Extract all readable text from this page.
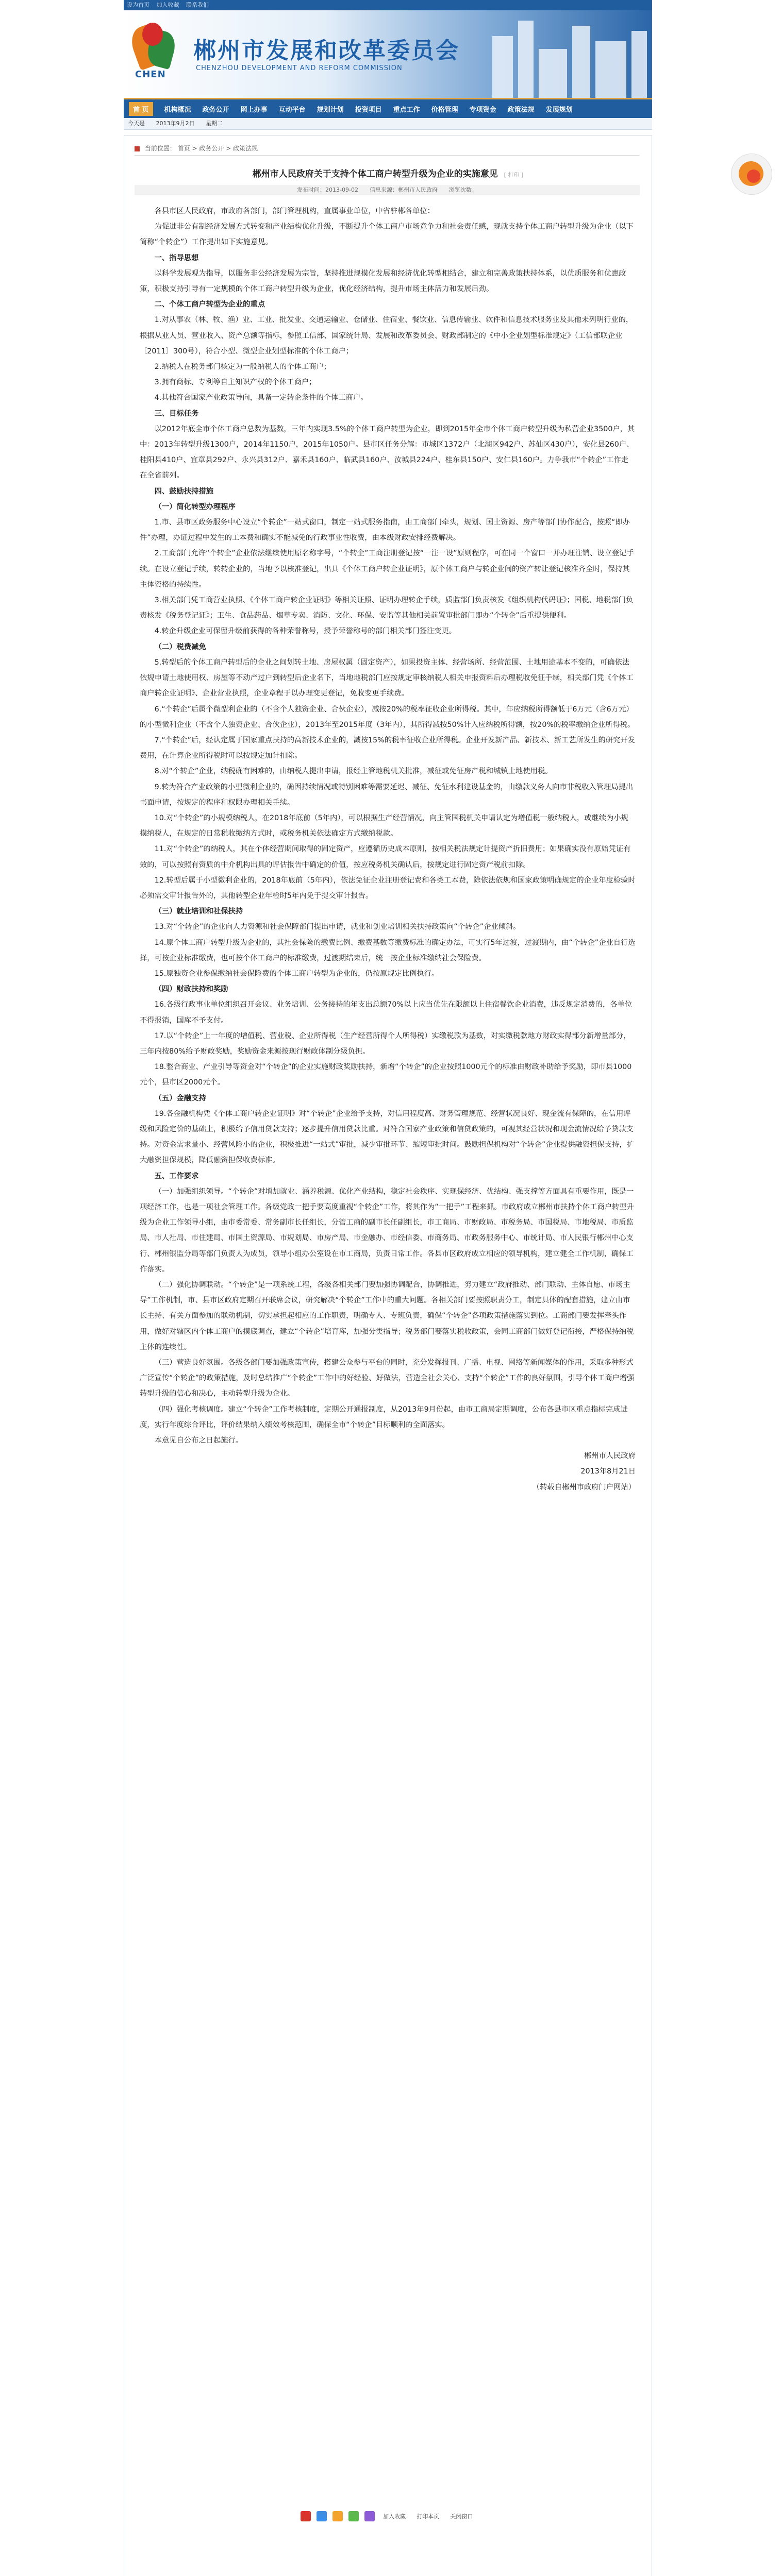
设为首页 加入收藏 联系我们
CHEN
郴州市发展和改革委员会
CHENZHOU DEVELOPMENT AND REFORM COMMISSION
首 页	机构概况 政务公开 网上办事 互动平台 规划计划 投资项目 重点工作 价格管理 专项资金 政策法规 发展规划
今天是 2013年9月2日 星期二
当前位置： 首页 > 政务公开 > 政策法规
郴州市人民政府关于支持个体工商户转型升级为企业的实施意见 [ 打印 ]
发布时间：2013-09-02　　信息来源：郴州市人民政府　　浏览次数：

各县市区人民政府，市政府各部门，部门管理机构，直属事业单位，中省驻郴各单位：

为促进非公有制经济发展方式转变和产业结构优化升级，不断提升个体工商户市场竞争力和社会责任感，现就支持个体工商户转型升级为企业（以下简称“个转企”）工作提出如下实施意见。

一、指导思想

以科学发展观为指导，以服务非公经济发展为宗旨，坚持推进规模化发展和经济优化转型相结合，建立和完善政策扶持体系，以优质服务和优惠政策，积极支持引导有一定规模的个体工商户转型升级为企业，优化经济结构，提升市场主体活力和发展后劲。

二、个体工商户转型为企业的重点

1.对从事农（林、牧、渔）业、工业、批发业、交通运输业、仓储业、住宿业、餐饮业、信息传输业、软件和信息技术服务业及其他未列明行业的，根据从业人员、营业收入、资产总额等指标，参照工信部、国家统计局、发展和改革委员会、财政部制定的《中小企业划型标准规定》（工信部联企业〔2011〕300号），符合小型、微型企业划型标准的个体工商户；

2.纳税人在税务部门核定为一般纳税人的个体工商户；

3.拥有商标、专利等自主知识产权的个体工商户；

4.其他符合国家产业政策导向，具备一定转企条件的个体工商户。

三、目标任务

以2012年底全市个体工商户总数为基数，三年内实现3.5%的个体工商户转型为企业，即到2015年全市个体工商户转型升级为私营企业3500户，其中：2013年转型升级1300户，2014年1150户，2015年1050户。县市区任务分解：市城区1372户（北湖区942户、苏仙区430户），安化县260户、桂阳县410户、宜章县292户、永兴县312户、嘉禾县160户、临武县160户、汝城县224户、桂东县150户、安仁县160户。力争我市“个转企”工作走在全省前列。

四、鼓励扶持措施

（一）简化转型办理程序

1.市、县市区政务服务中心设立“个转企”一站式窗口，制定一站式服务指南，由工商部门牵头，规划、国土资源、房产等部门协作配合，按照“即办件”办理，办证过程中发生的工本费和确实不能减免的行政事业性收费，由本级财政安排经费解决。

2.工商部门允许“个转企”企业依法继续使用原名称字号，“个转企”工商注册登记按“一注一设”原则程序，可在同一个窗口一并办理注销、设立登记手续。在设立登记手续，转转企业的，当地予以核准登记，出具《个体工商户转企业证明》，原个体工商户与转企业间的资产转让登记核准齐全时，保持其主体资格的持续性。

3.相关部门凭工商营业执照、《个体工商户转企业证明》等相关证照、证明办理转企手续，质监部门负责核发《组织机构代码证》；国税、地税部门负责核发《税务登记证》；卫生、食品药品、烟草专卖、消防、文化、环保、安监等其他相关前置审批部门即办“个转企”后重提供便利。

4.转企升级企业可保留升级前获得的各种荣誉称号，授予荣誉称号的部门相关部门签注变更。

（二）税费减免

5.转型后的个体工商户转型后的企业之间划转土地、房屋权属（固定资产），如果投资主体、经营场所、经营范围、土地用途基本不变的，可确依法依规申请土地使用权、房屋等不动产过户到转型后企业名下，当地地税部门应按规定审核纳税人相关申报资料后办理税收免征手续，相关部门凭《个体工商户转企业证明》、企业营业执照，企业章程于以办理变更登记，免收变更手续费。

6.“个转企”后属个微型利企业的（不含个人独资企业、合伙企业），减按20%的税率征收企业所得税。其中，年应纳税所得额低于6万元（含6万元）的小型微利企业（不含个人独资企业、合伙企业），2013年至2015年度（3年内），其所得减按50%计入应纳税所得额，按20%的税率缴纳企业所得税。

7.“个转企”后，经认定属于国家重点扶持的高新技术企业的，减按15%的税率征收企业所得税。企业开发新产品、新技术、新工艺所发生的研究开发费用，在计算企业所得税时可以按规定加计扣除。

8.对“个转企”企业，纳税确有困难的，由纳税人提出申请，报经主管地税机关批准，减征或免征房产税和城镇土地使用税。

9.转为符合产业政策的小型微利企业的，确因持续情况或特别困难等需要延迟、减征、免征水利建设基金的，由缴款义务人向市非税收入管理局提出书面申请，按规定的程序和权限办理相关手续。

10.对“个转企”的小规模纳税人，在2018年底前（5年内），可以根据生产经营情况，向主管国税机关申请认定为增值税一般纳税人，或继续为小规模纳税人，在规定的日常税收缴纳方式时，或税务机关依法确定方式缴纳税款。

11.对“个转企”的纳税人，其在个体经营期间取得的固定资产，应遵循历史成本原则，按相关税法规定计提资产折旧费用；如果确实没有原始凭证有效的，可以按照有资质的中介机构出具的评估报告中确定的价值，按应税务机关确认后，按规定进行固定资产税前扣除。

12.转型后属于小型微利企业的，2018年底前（5年内），依法免征企业注册登记费和各类工本费，除依法依规和国家政策明确规定的企业年度检验时必须需交审计报告外的，其他转型企业年检时5年内免于提交审计报告。

（三）就业培训和社保扶持

13.对“个转企”的企业向人力资源和社会保障部门提出申请，就业和创业培训相关扶持政策向“个转企”企业倾斜。

14.原个体工商户转型升级为企业的，其社会保险的缴费比例、缴费基数等缴费标准的确定办法，可实行5年过渡，过渡期内，由“个转企”企业自行选择，可按企业标准缴费，也可按个体工商户的标准缴费，过渡期结束后，统一按企业标准缴纳社会保险费。

15.原独资企业参保缴纳社会保险费的个体工商户转型为企业的，仍按原规定比例执行。

（四）财政扶持和奖励

16.各级行政事业单位组织召开会议、业务培训、公务接待的年支出总额70%以上应当优先在限额以上住宿餐饮企业消费，违反规定消费的，各单位不得报销，国库不予支付。

17.以“个转企”上一年度的增值税、营业税、企业所得税（生产经营所得个人所得税）实缴税款为基数，对实缴税款地方财政实得部分新增量部分，三年内按80%给予财政奖励，奖励资金来源按现行财政体制分级负担。

18.整合商业、产业引导等资金对“个转企”的企业实施财政奖励扶持，新增“个转企”的企业按照1000元个的标准由财政补助给予奖励，即市县1000元个，县市区2000元个。

（五）金融支持

19.各金融机构凭《个体工商户转企业证明》对“个转企”企业给予支持，对信用程度高、财务管理规范、经营状况良好、现金流有保障的，在信用评级和风险定价的基础上，积极给予信用贷款支持；逐步提升信用贷款比重。对符合国家产业政策和信贷政策的，可视其经营状况和现金流情况给予贷款支持。对资金需求量小、经营风险小的企业，积极推进“一站式”审批，减少审批环节、缩短审批时间。鼓励担保机构对“个转企”企业提供融资担保支持，扩大融资担保规模，降低融资担保收费标准。

五、工作要求

（一）加强组织领导。“个转企”对增加就业、涵养税源、优化产业结构，稳定社会秩序、实现保经济、优结构、强支撑等方面具有重要作用，既是一项经济工作，也是一项社会管理工作。各级党政一把手要高度重视“个转企”工作，将其作为“一把手”工程来抓。市政府成立郴州市扶持个体工商户转型升级为企业工作领导小组，由市委常委、常务副市长任组长，分管工商的副市长任副组长，市工商局、市财政局、市税务局、市国税局、市地税局、市质监局、市人社局、市住建局、市国土资源局、市规划局、市房产局、市金融办、市经信委、市商务局、市政务服务中心、市统计局、市人民银行郴州中心支行、郴州银监分局等部门负责人为成员，领导小组办公室设在市工商局，负责日常工作。各县市区政府成立相应的领导机构，建立健全工作机制，确保工作落实。

（二）强化协调联动。“个转企”是一项系统工程，各级各相关部门要加强协调配合，协调推进，努力建立“政府推动、部门联动、主体自愿、市场主导”工作机制，市、县市区政府定期召开联席会议，研究解决“个转企”工作中的重大问题。各相关部门要按照职责分工，制定具体的配套措施，建立由市长主持、有关方面参加的联动机制，切实承担起相应的工作职责，明确专人、专班负责，确保“个转企”各项政策措施落实到位。工商部门要发挥牵头作用，做好对辖区内个体工商户的摸底调查，建立“个转企”培育库，加强分类指导；税务部门要落实税收政策，会同工商部门做好登记衔接，严格保持纳税主体的连续性。

（三）营造良好氛围。各级各部门要加强政策宣传，搭建公众参与平台的同时，充分发挥报刊、广播、电视、网络等新闻媒体的作用，采取多种形式广泛宣传“个转企”的政策措施，及时总结推广“个转企”工作中的好经验、好做法，营造全社会关心、支持“个转企”工作的良好氛围，引导个体工商户增强转型升级的信心和决心，主动转型升级为企业。

（四）强化考核调度。建立“个转企”工作考核制度，定期公开通报制度，从2013年9月份起，由市工商局定期调度，公布各县市区重点指标完成进度，实行年度综合评比，评价结果纳入绩效考核范围，确保全市“个转企”目标顺利的全面落实。

本意见自公布之日起施行。

郴州市人民政府

2013年8月21日

（转载自郴州市政府门户网站）

加入收藏 打印本页 关闭窗口
